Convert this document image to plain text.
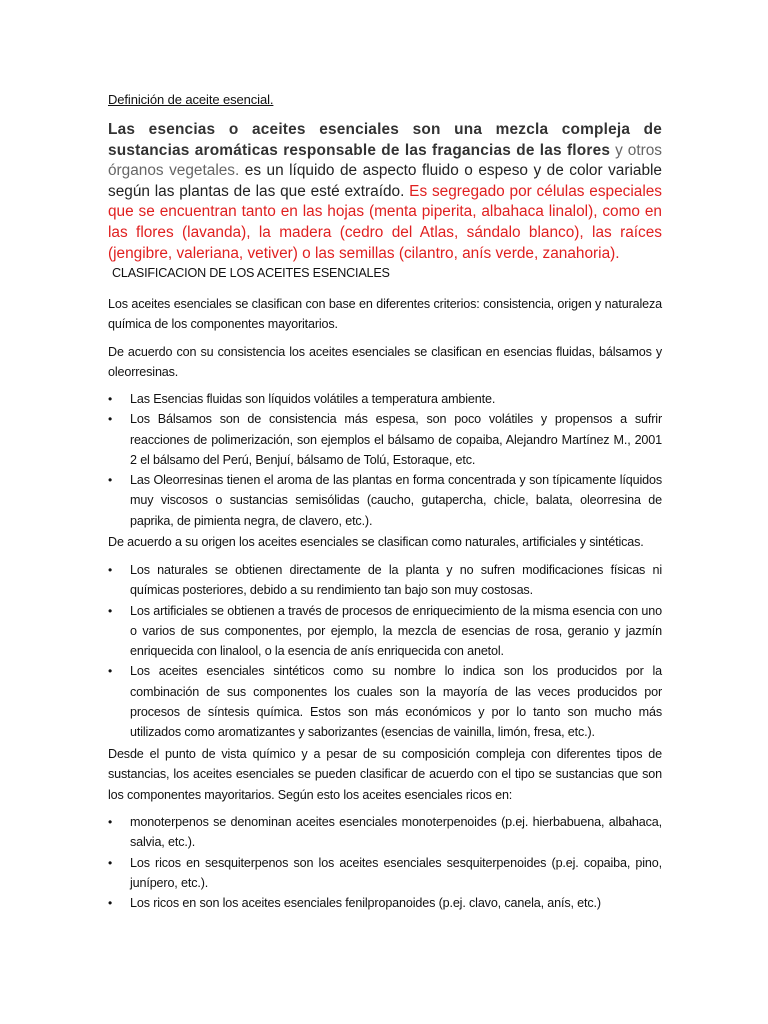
Definición de aceite esencial.

Las esencias o aceites esenciales son una mezcla compleja de sustancias aromáticas responsable de las fragancias de las flores y otros órganos vegetales. es un líquido de aspecto fluido o espeso y de color variable según las plantas de las que esté extraído. Es segregado por células especiales que se encuentran tanto en las hojas (menta piperita, albahaca linalol), como en las flores (lavanda), la madera (cedro del Atlas, sándalo blanco), las raíces (jengibre, valeriana, vetiver) o las semillas (cilantro, anís verde, zanahoria).

CLASIFICACION DE LOS ACEITES ESENCIALES

Los aceites esenciales se clasifican con base en diferentes criterios: consistencia, origen y naturaleza química de los componentes mayoritarios.

De acuerdo con su consistencia los aceites esenciales se clasifican en esencias fluidas, bálsamos y oleorresinas.

• Las Esencias fluidas son líquidos volátiles a temperatura ambiente.
• Los Bálsamos son de consistencia más espesa, son poco volátiles y propensos a sufrir reacciones de polimerización, son ejemplos el bálsamo de copaiba, Alejandro Martínez M., 2001 2 el bálsamo del Perú, Benjuí, bálsamo de Tolú, Estoraque, etc.
• Las Oleorresinas tienen el aroma de las plantas en forma concentrada y son típicamente líquidos muy viscosos o sustancias semisólidas (caucho, gutapercha, chicle, balata, oleorresina de paprika, de pimienta negra, de clavero, etc.).

De acuerdo a su origen los aceites esenciales se clasifican como naturales, artificiales y sintéticas.

• Los naturales se obtienen directamente de la planta y no sufren modificaciones físicas ni químicas posteriores, debido a su rendimiento tan bajo son muy costosas.
• Los artificiales se obtienen a través de procesos de enriquecimiento de la misma esencia con uno o varios de sus componentes, por ejemplo, la mezcla de esencias de rosa, geranio y jazmín enriquecida con linalool, o la esencia de anís enriquecida con anetol.
• Los aceites esenciales sintéticos como su nombre lo indica son los producidos por la combinación de sus componentes los cuales son la mayoría de las veces producidos por procesos de síntesis química. Estos son más económicos y por lo tanto son mucho más utilizados como aromatizantes y saborizantes (esencias de vainilla, limón, fresa, etc.).

Desde el punto de vista químico y a pesar de su composición compleja con diferentes tipos de sustancias, los aceites esenciales se pueden clasificar de acuerdo con el tipo se sustancias que son los componentes mayoritarios. Según esto los aceites esenciales ricos en:

• monoterpenos se denominan aceites esenciales monoterpenoides (p.ej. hierbabuena, albahaca, salvia, etc.).
• Los ricos en sesquiterpenos son los aceites esenciales sesquiterpenoides (p.ej. copaiba, pino, junípero, etc.).
• Los ricos en son los aceites esenciales fenilpropanoides (p.ej. clavo, canela, anís, etc.)
